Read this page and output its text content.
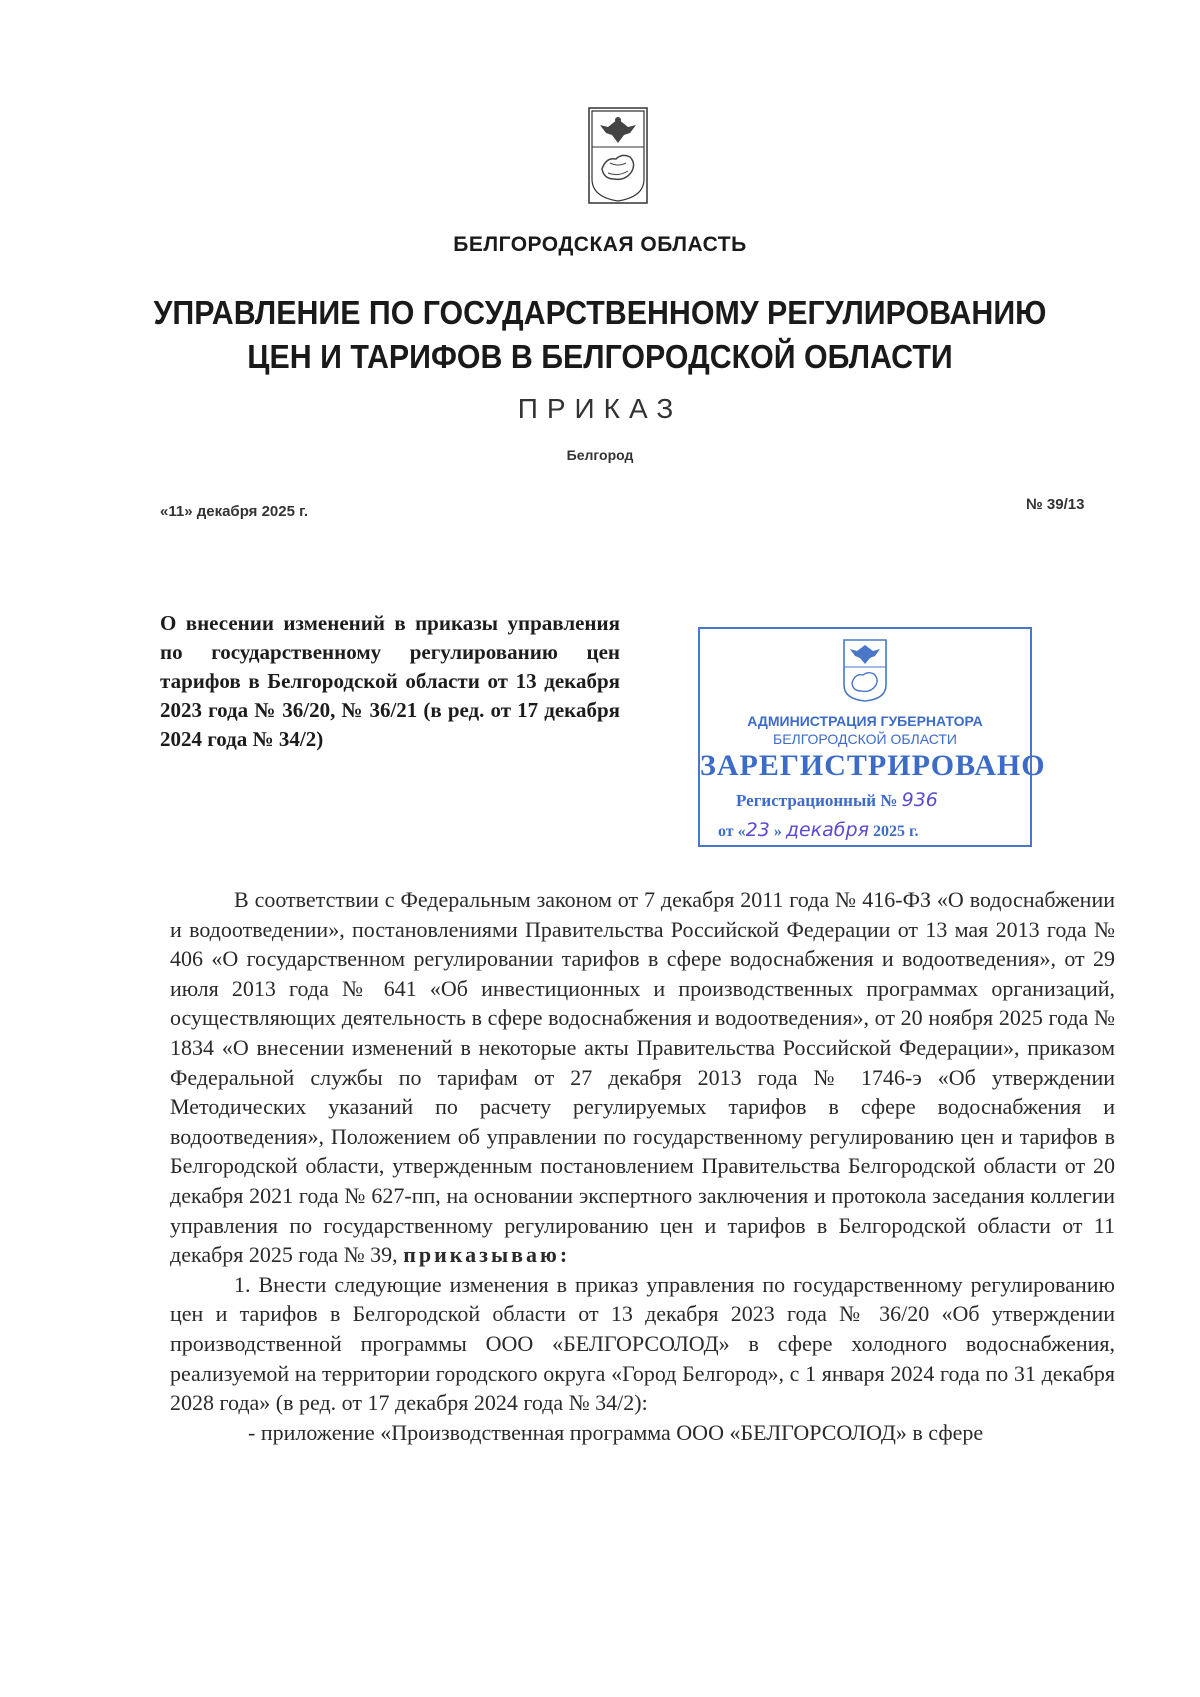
БЕЛГОРОДСКАЯ ОБЛАСТЬ
УПРАВЛЕНИЕ ПО ГОСУДАРСТВЕННОМУ РЕГУЛИРОВАНИЮ
ЦЕН И ТАРИФОВ В БЕЛГОРОДСКОЙ ОБЛАСТИ
ПРИКАЗ
Белгород
«11» декабря 2025 г.	№ 39/13
О внесении изменений в приказы управления по государственному регулированию цен тарифов в Белгородской области от 13 декабря 2023 года № 36/20, № 36/21 (в ред. от 17 декабря 2024 года № 34/2)
АДМИНИСТРАЦИЯ ГУБЕРНАТОРА
БЕЛГОРОДСКОЙ ОБЛАСТИ
ЗАРЕГИСТРИРОВАНО
Регистрационный № 936
от «23 » декабря 2025 г.

В соответствии с Федеральным законом от 7 декабря 2011 года № 416-ФЗ «О водоснабжении и водоотведении», постановлениями Правительства Российской Федерации от 13 мая 2013 года № 406 «О государственном регулировании тарифов в сфере водоснабжения и водоотведения», от 29 июля 2013 года № 641 «Об инвестиционных и производственных программах организаций, осуществляющих деятельность в сфере водоснабжения и водоотведения», от 20 ноября 2025 года № 1834 «О внесении изменений в некоторые акты Правительства Российской Федерации», приказом Федеральной службы по тарифам от 27 декабря 2013 года № 1746-э «Об утверждении Методических указаний по расчету регулируемых тарифов в сфере водоснабжения и водоотведения», Положением об управлении по государственному регулированию цен и тарифов в Белгородской области, утвержденным постановлением Правительства Белгородской области от 20 декабря 2021 года № 627-пп, на основании экспертного заключения и протокола заседания коллегии управления по государственному регулированию цен и тарифов в Белгородской области от 11 декабря 2025 года № 39, приказываю:

1. Внести следующие изменения в приказ управления по государственному регулированию цен и тарифов в Белгородской области от 13 декабря 2023 года № 36/20 «Об утверждении производственной программы ООО «БЕЛГОРСОЛОД» в сфере холодного водоснабжения, реализуемой на территории городского округа «Город Белгород», с 1 января 2024 года по 31 декабря 2028 года» (в ред. от 17 декабря 2024 года № 34/2):

- приложение «Производственная программа ООО «БЕЛГОРСОЛОД» в сфере
